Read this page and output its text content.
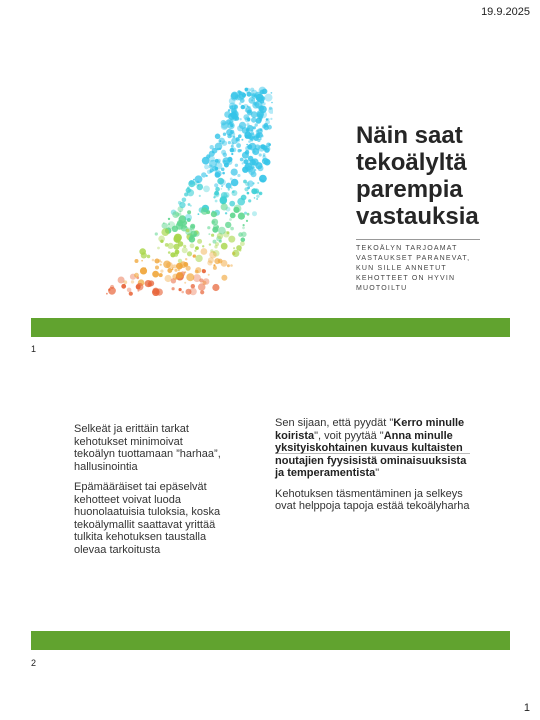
19.9.2025
Näin saat
tekoälyltä
parempia
vastauksia
TEKOÄLYN TARJOAMAT VASTAUKSET PARANEVAT, KUN SILLE ANNETUT KEHOTTEET ON HYVIN MUOTOILTU
1

Selkeät ja erittäin tarkat kehotukset minimoivat tekoälyn tuottamaan ”harhaa”, hallusinointia

Epämääräiset tai epäselvät kehotteet voivat luoda huonolaatuisia tuloksia, koska tekoälymallit saattavat yrittää tulkita kehotuksen taustalla olevaa tarkoitusta

Sen sijaan, että pyydät "Kerro minulle koirista", voit pyytää "Anna minulle yksityiskohtainen kuvaus kultaisten noutajien fyysisistä ominaisuuksista ja temperamentista"

Kehotuksen täsmentäminen ja selkeys ovat helppoja tapoja estää tekoälyharha

2
1
